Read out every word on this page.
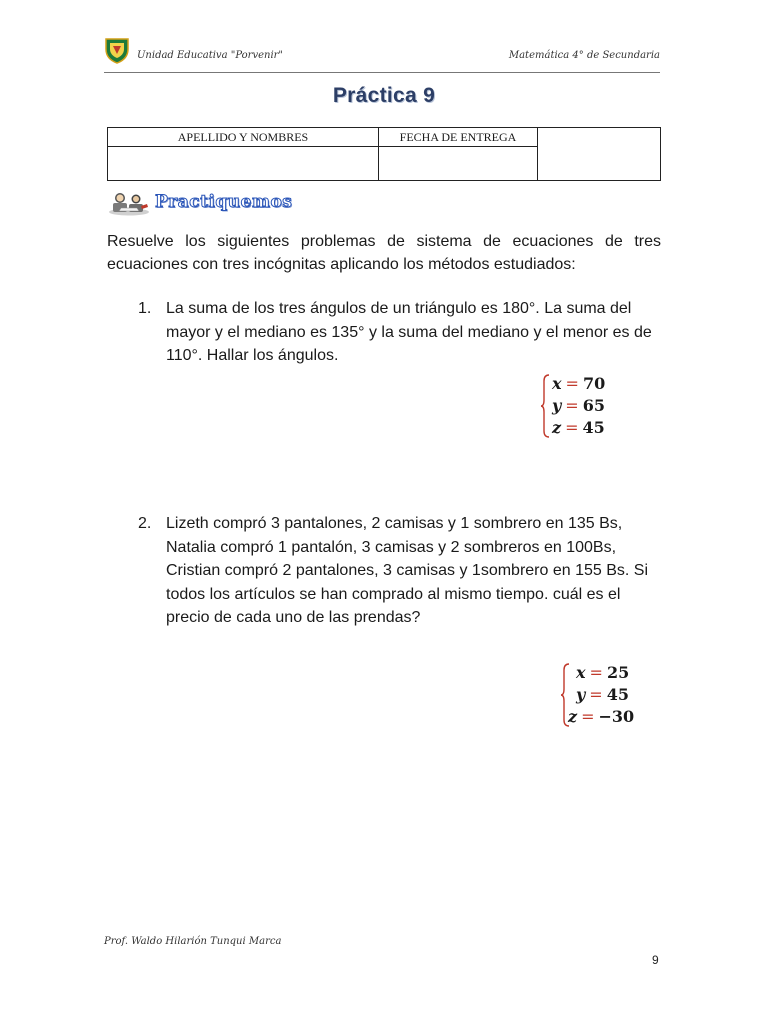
Unidad Educativa "Porvenir"	Matemática 4° de Secundaria
Práctica 9
APELLIDO Y NOMBRES	FECHA DE ENTREGA	

Practiquemos

Resuelve los siguientes problemas de sistema de ecuaciones de tres ecuaciones con tres incógnitas aplicando los métodos estudiados:

1. La suma de los tres ángulos de un triángulo es 180°. La suma del mayor y el mediano es 135° y la suma del mediano y el menor es de 110°. Hallar los ángulos.
x = 70
y = 65
z = 45
2. Lizeth compró 3 pantalones, 2 camisas y 1 sombrero en 135 Bs, Natalia compró 1 pantalón, 3 camisas y 2 sombreros en 100Bs, Cristian compró 2 pantalones, 3 camisas y 1sombrero en 155 Bs. Si todos los artículos se han comprado al mismo tiempo. cuál es el precio de cada uno de las prendas?
x = 25
y = 45
z = −30
Prof. Waldo Hilarión Tunqui Marca
9
